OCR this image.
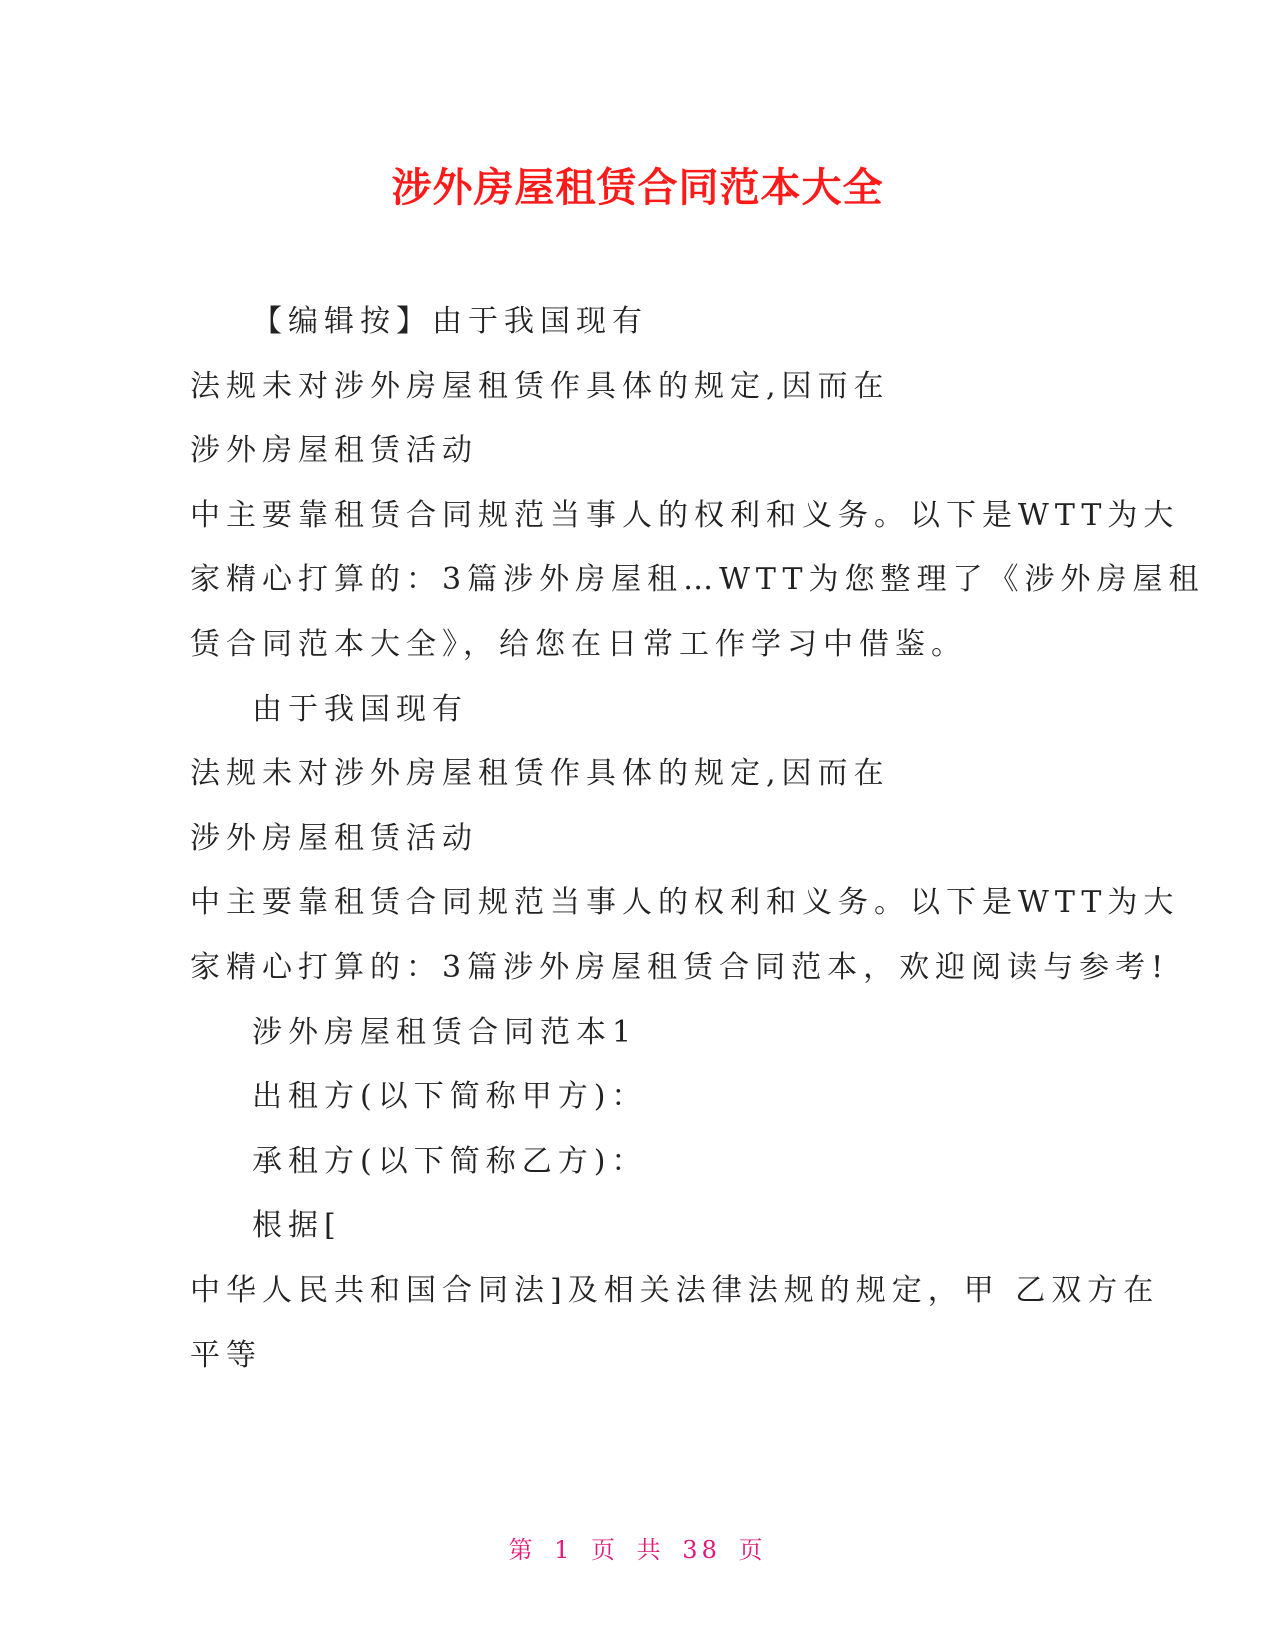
涉外房屋租赁合同范本大全
【编辑按】由于我国现有
法规未对涉外房屋租赁作具体的规定,因而在
涉外房屋租赁活动
中主要靠租赁合同规范当事人的权利和义务。以下是WTT为大
家精心打算的：3篇涉外房屋租…WTT为您整理了《涉外房屋租
赁合同范本大全》，给您在日常工作学习中借鉴。
由于我国现有
法规未对涉外房屋租赁作具体的规定,因而在
涉外房屋租赁活动
中主要靠租赁合同规范当事人的权利和义务。以下是WTT为大
家精心打算的：3篇涉外房屋租赁合同范本，欢迎阅读与参考!
涉外房屋租赁合同范本1
出租方(以下简称甲方)：
承租方(以下简称乙方)：
根据[
中华人民共和国合同法]及相关法律法规的规定，甲 乙双方在
平等
第 1 页 共 38 页
